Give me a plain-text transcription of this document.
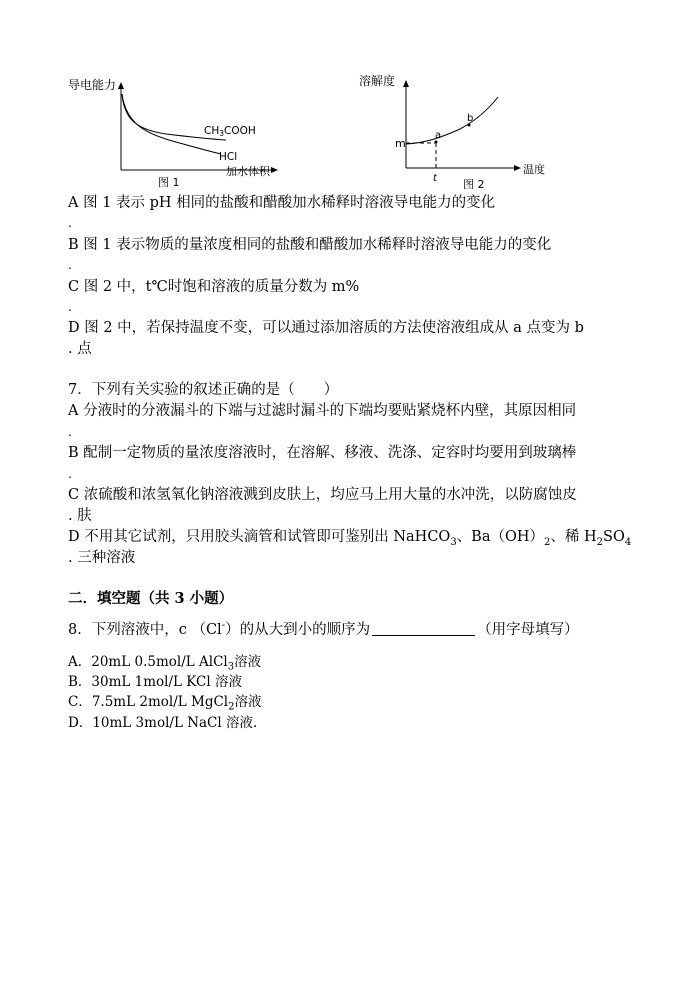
导电能力
CH3COOH
HCl
加水体积
图 1
溶解度
m
a
b
t
温度
图 2
A 图 1 表示 pH 相同的盐酸和醋酸加水稀释时溶液导电能力的变化
.
B 图 1 表示物质的量浓度相同的盐酸和醋酸加水稀释时溶液导电能力的变化
.
C 图 2 中，t℃时饱和溶液的质量分数为 m%
.
D 图 2 中，若保持温度不变，可以通过添加溶质的方法使溶液组成从 a 点变为 b
. 点
7．下列有关实验的叙述正确的是（　　）
A 分液时的分液漏斗的下端与过滤时漏斗的下端均要贴紧烧杯内壁，其原因相同
.
B 配制一定物质的量浓度溶液时，在溶解、移液、洗涤、定容时均要用到玻璃棒
.
C 浓硫酸和浓氢氧化钠溶液溅到皮肤上，均应马上用大量的水冲洗，以防腐蚀皮
. 肤
D 不用其它试剂，只用胶头滴管和试管即可鉴别出 NaHCO$_3$、$Ba(OH)_2$、稀 $H_2SO_4$
. 三种溶液
二．填空题（共 3 小题）
8．下列溶液中，c （Cl-）的从大到小的顺序为	（用字母填写）
A．20mL 0.5mol/L AlCl$_3$溶液
B．30mL 1mol/L KCl 溶液
C．7.5mL 2mol/L MgCl$_2$溶液
D．10mL 3mol/L NaCl 溶液.
